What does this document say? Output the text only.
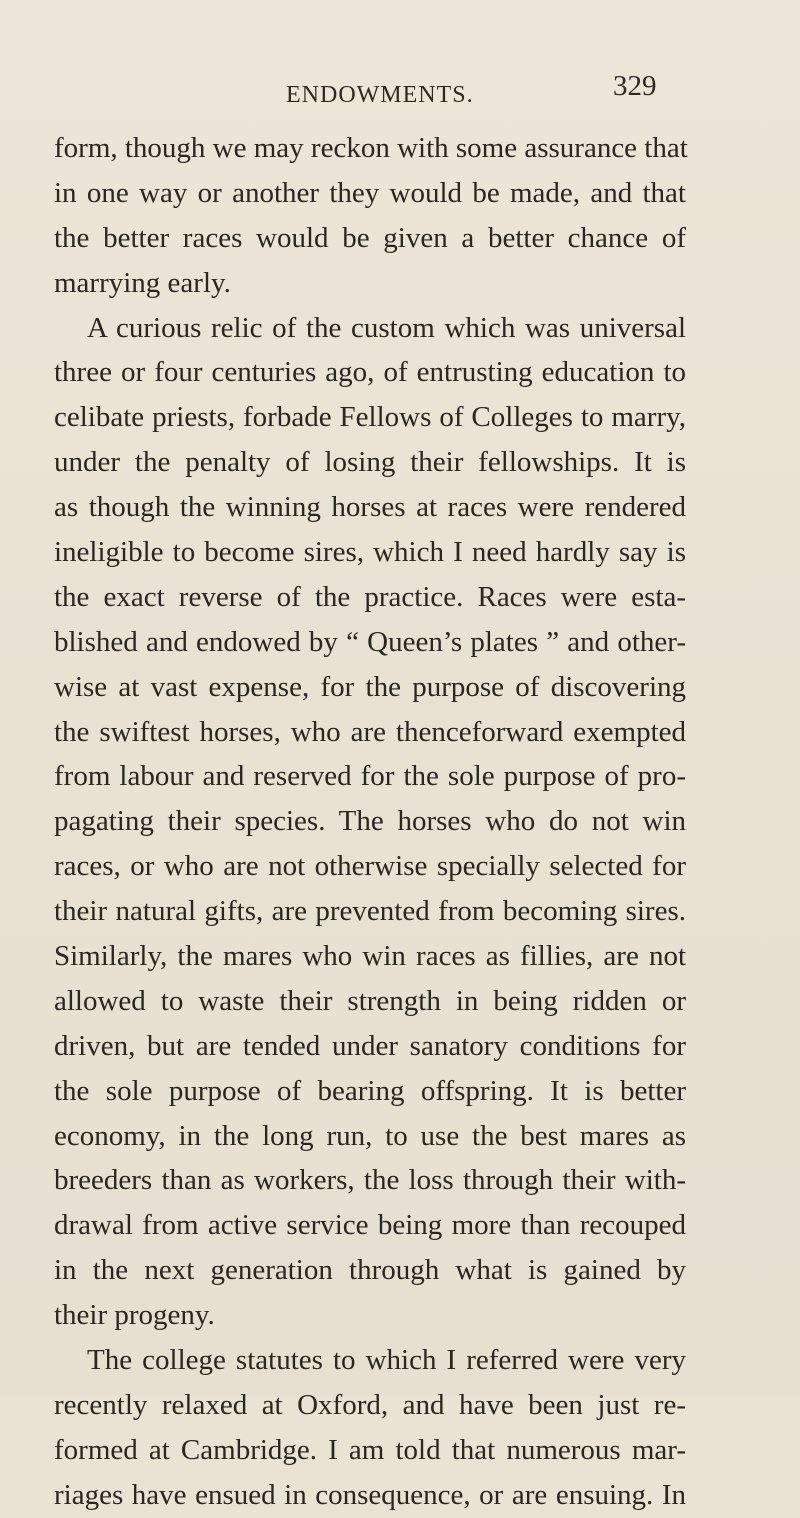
ENDOWMENTS.	329
form, though we may reckon with some assurance that
in one way or another they would be made, and that
the better races would be given a better chance of
marrying early.
A curious relic of the custom which was universal
three or four centuries ago, of entrusting education to
celibate priests, forbade Fellows of Colleges to marry,
under the penalty of losing their fellowships. It is
as though the winning horses at races were rendered
ineligible to become sires, which I need hardly say is
the exact reverse of the practice. Races were esta-
blished and endowed by “ Queen’s plates ” and other-
wise at vast expense, for the purpose of discovering
the swiftest horses, who are thenceforward exempted
from labour and reserved for the sole purpose of pro-
pagating their species. The horses who do not win
races, or who are not otherwise specially selected for
their natural gifts, are prevented from becoming sires.
Similarly, the mares who win races as fillies, are not
allowed to waste their strength in being ridden or
driven, but are tended under sanatory conditions for
the sole purpose of bearing offspring. It is better
economy, in the long run, to use the best mares as
breeders than as workers, the loss through their with-
drawal from active service being more than recouped
in the next generation through what is gained by
their progeny.
The college statutes to which I referred were very
recently relaxed at Oxford, and have been just re-
formed at Cambridge. I am told that numerous mar-
riages have ensued in consequence, or are ensuing. In
